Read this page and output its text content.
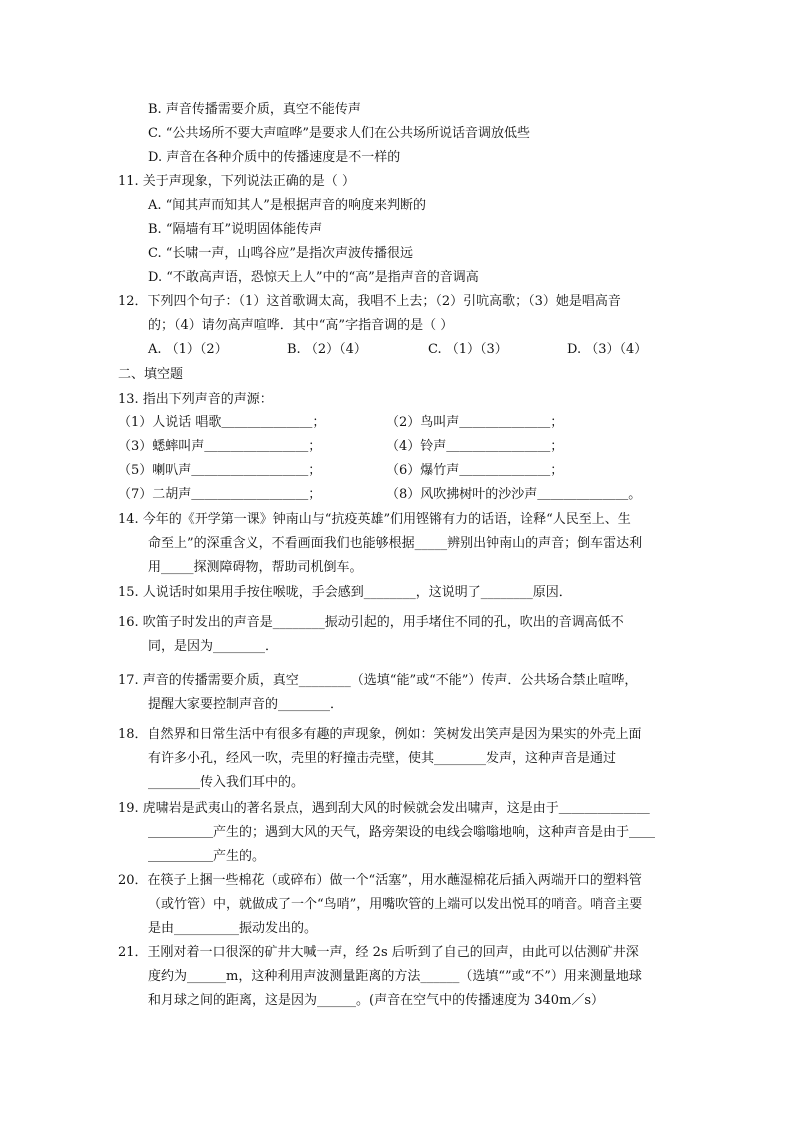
B. 声音传播需要介质，真空不能传声
C. “公共场所不要大声喧哗”是要求人们在公共场所说话音调放低些
D. 声音在各种介质中的传播速度是不一样的
11. 关于声现象，下列说法正确的是（ ）
A. “闻其声而知其人”是根据声音的响度来判断的
B. “隔墙有耳”说明固体能传声
C. “长啸一声，山鸣谷应”是指次声波传播很远
D. “不敢高声语，恐惊天上人”中的“高”是指声音的音调高
12．下列四个句子：（1）这首歌调太高，我唱不上去；（2）引吭高歌；（3）她是唱高音
的；（4）请勿高声喧哗．其中“高”字指音调的是（ ）
A. （1）（2）	B. （2）（4）	C. （1）（3）	D. （3）（4）
二、填空题
13. 指出下列声音的声源：
（1）人说话 唱歌＿＿＿＿＿＿＿；	（2）鸟叫声＿＿＿＿＿＿＿；
（3）蟋蟀叫声＿＿＿＿＿＿＿＿；	（4）铃声＿＿＿＿＿＿＿＿；
（5）喇叭声＿＿＿＿＿＿＿＿＿；	（6）爆竹声＿＿＿＿＿＿＿；
（7）二胡声＿＿＿＿＿＿＿＿＿；	（8）风吹拂树叶的沙沙声＿＿＿＿＿＿＿。
14. 今年的《开学第一课》钟南山与“抗疫英雄”们用铿锵有力的话语，诠释“人民至上、生
命至上”的深重含义，不看画面我们也能够根据_____辨别出钟南山的声音；倒车雷达利
用_____探测障碍物，帮助司机倒车。
15. 人说话时如果用手按住喉咙，手会感到________，这说明了________原因．
16. 吹笛子时发出的声音是________振动引起的，用手堵住不同的孔，吹出的音调高低不
同，是因为________．
17. 声音的传播需要介质，真空________（选填“能”或“不能”）传声．公共场合禁止喧哗，
提醒大家要控制声音的________．
18．自然界和日常生活中有很多有趣的声现象，例如：笑树发出笑声是因为果实的外壳上面
有许多小孔，经风一吹，壳里的籽撞击壳壁，使其________发声，这种声音是通过
________传入我们耳中的。
19. 虎啸岩是武夷山的著名景点，遇到刮大风的时候就会发出啸声，这是由于＿＿＿＿＿＿＿
＿＿＿＿＿产生的；遇到大风的天气，路旁架设的电线会嗡嗡地响，这种声音是由于＿＿
＿＿＿＿＿产生的。
20．在筷子上捆一些棉花（或碎布）做一个“活塞”，用水蘸湿棉花后插入两端开口的塑料管
（或竹管）中，就做成了一个“鸟哨”，用嘴吹管的上端可以发出悦耳的哨音。哨音主要
是由__________振动发出的。
21．王刚对着一口很深的矿井大喊一声，经 2s 后听到了自己的回声，由此可以估测矿井深
度约为______m，这种利用声波测量距离的方法______（选填“”或“不”）用来测量地球
和月球之间的距离，这是因为______。(声音在空气中的传播速度为 340m／s）
